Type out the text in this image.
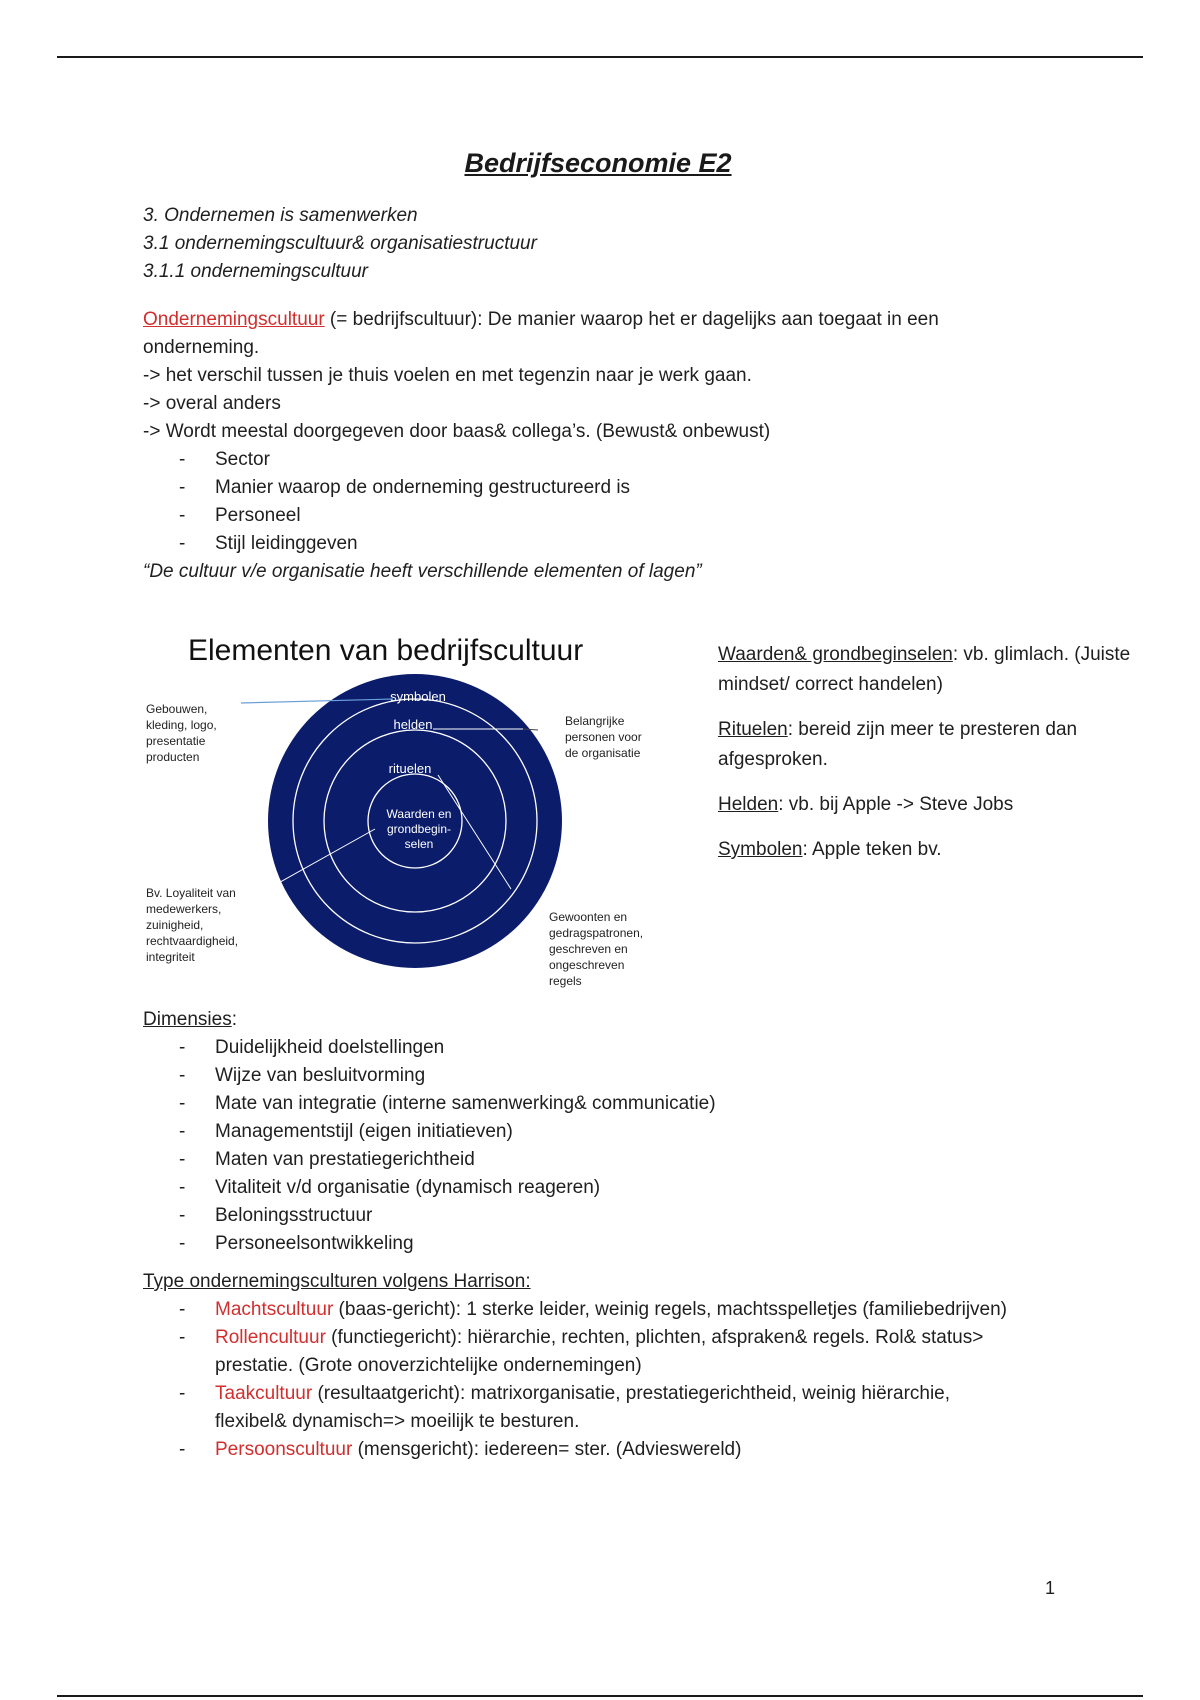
Bedrijfseconomie E2
3. Ondernemen is samenwerken
3.1 ondernemingscultuur& organisatiestructuur
3.1.1 ondernemingscultuur
Ondernemingscultuur (= bedrijfscultuur): De manier waarop het er dagelijks aan toegaat in een onderneming.
-> het verschil tussen je thuis voelen en met tegenzin naar je werk gaan.
-> overal anders
-> Wordt meestal doorgegeven door baas& collega’s. (Bewust& onbewust)
- Sector
- Manier waarop de onderneming gestructureerd is
- Personeel
- Stijl leidinggeven
“De cultuur v/e organisatie heeft verschillende elementen of lagen”
Elementen van bedrijfscultuur
symbolen
helden
rituelen
Waarden en
grondbegin-
selen
Gebouwen,
kleding, logo,
presentatie
producten
Belangrijke
personen voor
de organisatie
Bv. Loyaliteit van
medewerkers,
zuinigheid,
rechtvaardigheid,
integriteit
Gewoonten en
gedragspatronen,
geschreven en
ongeschreven
regels

Waarden& grondbeginselen: vb. glimlach. (Juiste mindset/ correct handelen)

Rituelen: bereid zijn meer te presteren dan afgesproken.

Helden: vb. bij Apple -> Steve Jobs

Symbolen: Apple teken bv.

Dimensies:
- Duidelijkheid doelstellingen
- Wijze van besluitvorming
- Mate van integratie (interne samenwerking& communicatie)
- Managementstijl (eigen initiatieven)
- Maten van prestatiegerichtheid
- Vitaliteit v/d organisatie (dynamisch reageren)
- Beloningsstructuur
- Personeelsontwikkeling
Type ondernemingsculturen volgens Harrison:
- Machtscultuur (baas-gericht): 1 sterke leider, weinig regels, machtsspelletjes (familiebedrijven)
- Rollencultuur (functiegericht): hiërarchie, rechten, plichten, afspraken& regels. Rol& status> prestatie. (Grote onoverzichtelijke ondernemingen)
- Taakcultuur (resultaatgericht): matrixorganisatie, prestatiegerichtheid, weinig hiërarchie, flexibel& dynamisch=> moeilijk te besturen.
- Persoonscultuur (mensgericht): iedereen= ster. (Advieswereld)
1
